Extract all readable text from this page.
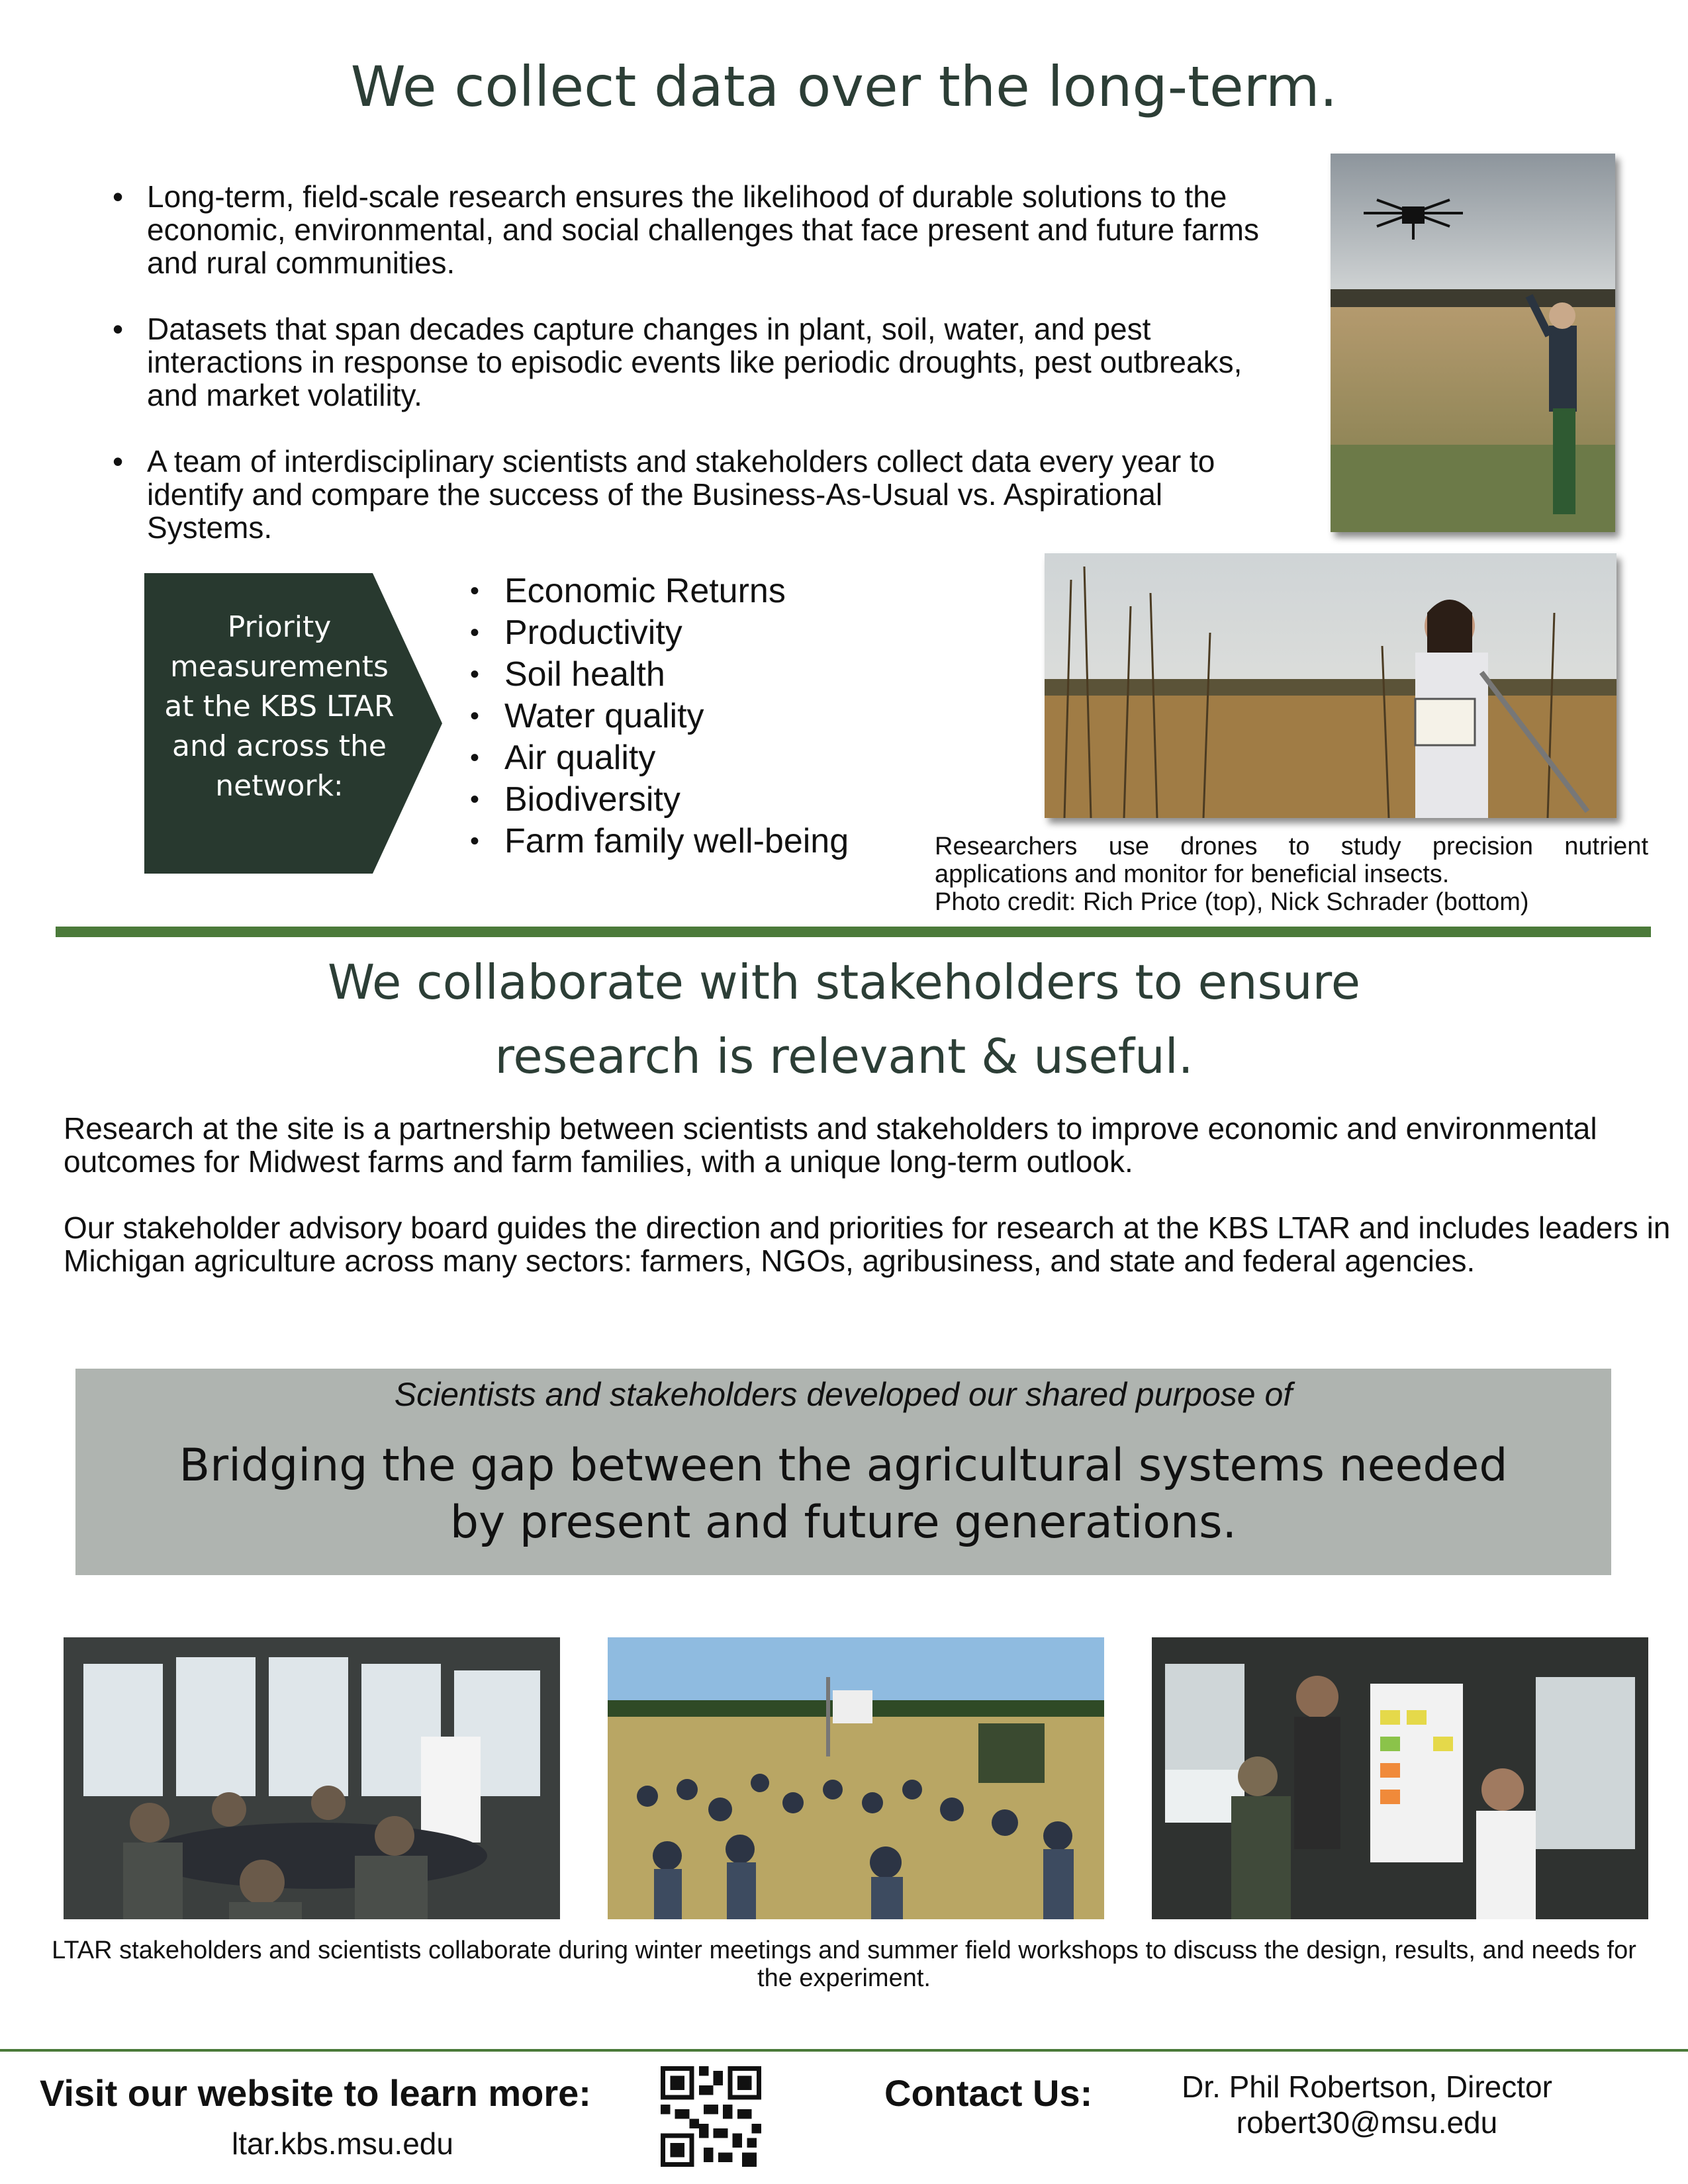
We collect data over the long-term.
• Long-term, field-scale research ensures the likelihood of durable solutions to the economic, environmental, and social challenges that face present and future farms and rural communities.
• Datasets that span decades capture changes in plant, soil, water, and pest interactions in response to episodic events like periodic droughts, pest outbreaks, and market volatility.
• A team of interdisciplinary scientists and stakeholders collect data every year to identify and compare the success of the Business-As-Usual vs. Aspirational Systems.
Priority measurements at the KBS LTAR and across the network:
• Economic Returns
• Productivity
• Soil health
• Water quality
• Air quality
• Biodiversity
• Farm family well-being	Researchers use drones to study precision nutrient
applications and monitor for beneficial insects.
Photo credit: Rich Price (top), Nick Schrader (bottom)
We collaborate with stakeholders to ensure
research is relevant & useful.
Research at the site is a partnership between scientists and stakeholders to improve economic and environmental outcomes for Midwest farms and farm families, with a unique long-term outlook.
Our stakeholder advisory board guides the direction and priorities for research at the KBS LTAR and includes leaders in Michigan agriculture across many sectors: farmers, NGOs, agribusiness, and state and federal agencies.
Scientists and stakeholders developed our shared purpose of
Bridging the gap between the agricultural systems needed
by present and future generations.
LTAR stakeholders and scientists collaborate during winter meetings and summer field workshops to discuss the design, results, and needs for the experiment.
Visit our website to learn more:
ltar.kbs.msu.edu
Contact Us:	Dr. Phil Robertson, Director
robert30@msu.edu
